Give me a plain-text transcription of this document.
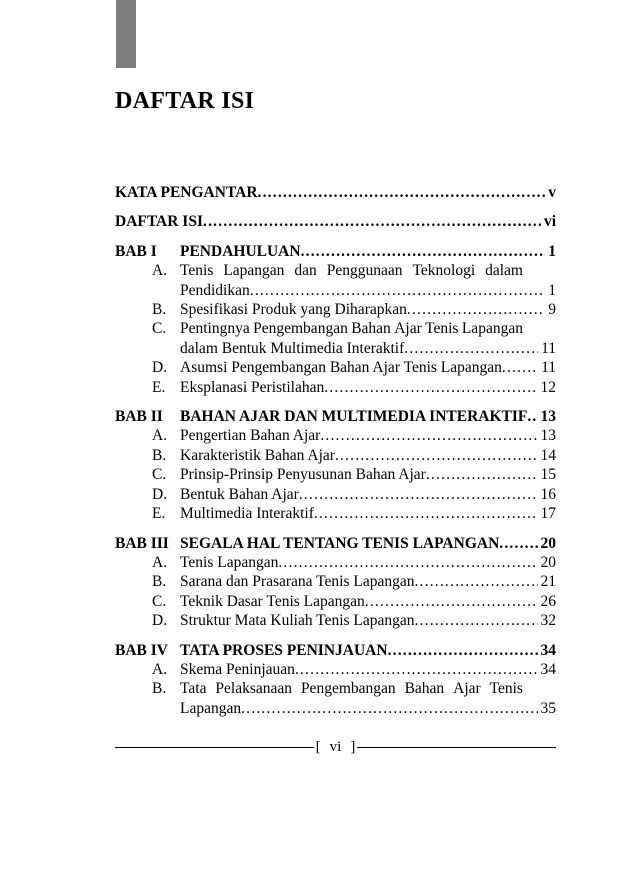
DAFTAR ISI
KATA PENGANTAR .....	v
DAFTAR ISI .....	vi
BAB I	PENDAHULUAN .....	1
A. Tenis Lapangan dan Penggunaan Teknologi dalam
Pendidikan .....	1
B. Spesifikasi Produk yang Diharapkan .....	9
C. Pentingnya Pengembangan Bahan Ajar Tenis Lapangan
dalam Bentuk Multimedia Interaktif .....	11
D. Asumsi Pengembangan Bahan Ajar Tenis Lapangan .....	11
E. Eksplanasi Peristilahan .....	12
BAB II	BAHAN AJAR DAN MULTIMEDIA INTERAKTIF ..... 13
A. Pengertian Bahan Ajar .....	13
B. Karakteristik Bahan Ajar .....	14
C. Prinsip-Prinsip Penyusunan Bahan Ajar .....	15
D. Bentuk Bahan Ajar .....	16
E. Multimedia Interaktif .....	17
BAB III SEGALA HAL TENTANG TENIS LAPANGAN .....	20
A. Tenis Lapangan .....	20
B. Sarana dan Prasarana Tenis Lapangan .....	21
C. Teknik Dasar Tenis Lapangan .....	26
D. Struktur Mata Kuliah Tenis Lapangan .....	32
BAB IV TATA PROSES PENINJAUAN .....	34
A. Skema Peninjauan .....	34
B. Tata Pelaksanaan Pengembangan Bahan Ajar Tenis
Lapangan .....	35
[ vi ]
